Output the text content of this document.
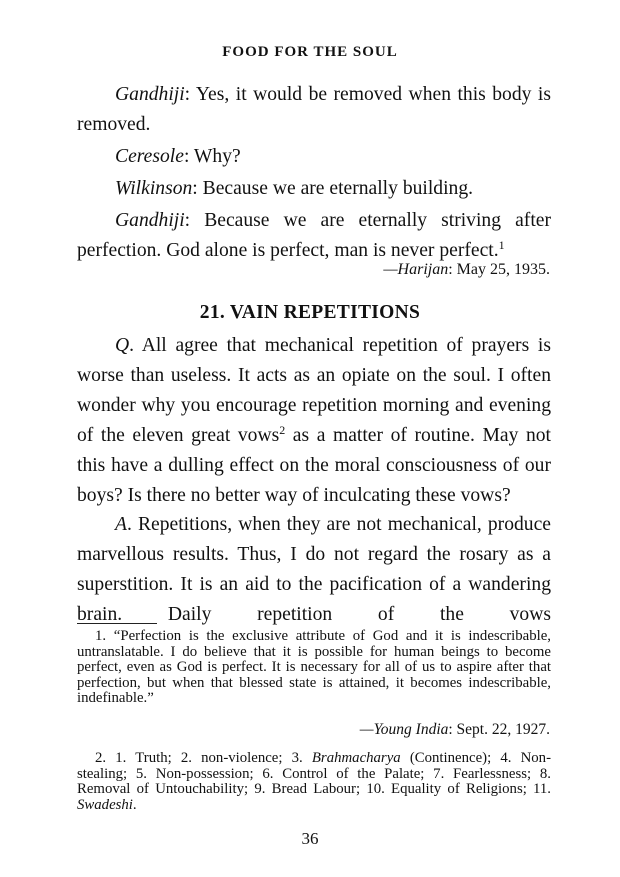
FOOD FOR THE SOUL

Gandhiji: Yes, it would be removed when this body is removed.

Ceresole: Why?

Wilkinson: Because we are eternally building.

Gandhiji: Because we are eternally striving after perfection. God alone is perfect, man is never perfect.$^1$

—Harijan: May 25, 1935.
21. VAIN REPETITIONS

Q. All agree that mechanical repetition of prayers is worse than useless. It acts as an opiate on the soul. I often wonder why you encourage repetition morning and evening of the eleven great vows$^2$ as a matter of routine. May not this have a dulling effect on the moral consciousness of our boys? Is there no better way of inculcating these vows?

A. Repetitions, when they are not mechanical, produce marvellous results. Thus, I do not regard the rosary as a superstition. It is an aid to the pacification of a wandering brain. Daily repetition of the vows

1. “Perfection is the exclusive attribute of God and it is indescribable, untranslatable. I do believe that it is possible for human beings to become perfect, even as God is perfect. It is necessary for all of us to aspire after that perfection, but when that blessed state is attained, it becomes indescribable, indefinable.”

—Young India: Sept. 22, 1927.

2. 1. Truth; 2. non-violence; 3. Brahmacharya (Continence); 4. Non-stealing; 5. Non-possession; 6. Control of the Palate; 7. Fearlessness; 8. Removal of Untouchability; 9. Bread Labour; 10. Equality of Religions; 11. Swadeshi.

36
